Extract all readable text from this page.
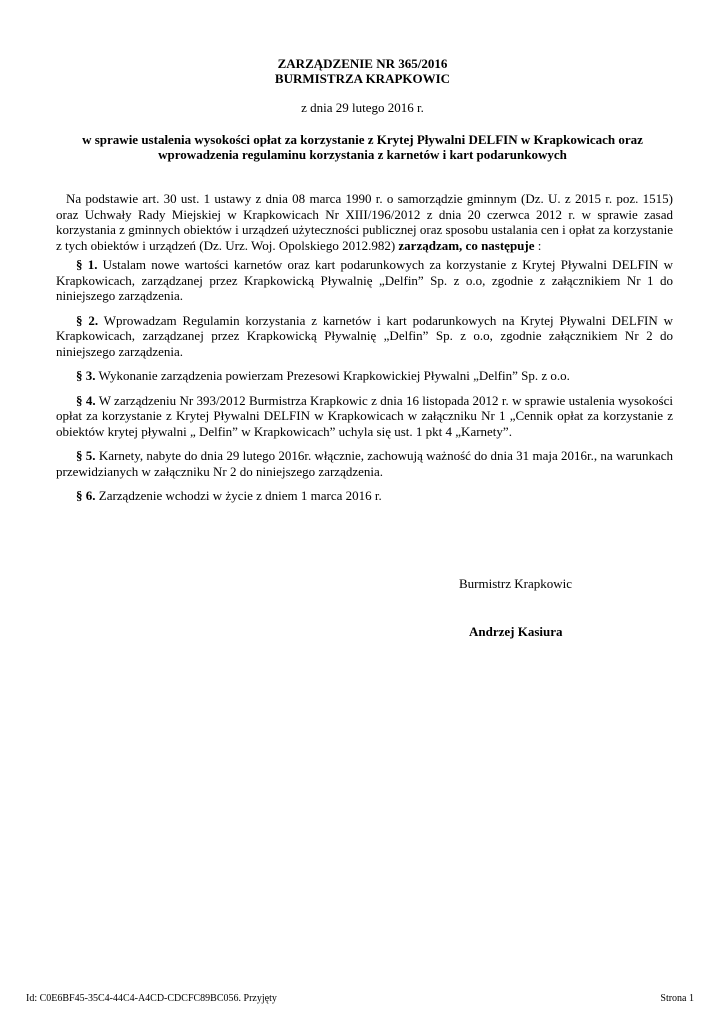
ZARZĄDZENIE NR 365/2016
BURMISTRZA KRAPKOWIC
z dnia 29 lutego 2016 r.
w sprawie ustalenia wysokości opłat za korzystanie z Krytej Pływalni DELFIN w Krapkowicach oraz wprowadzenia regulaminu korzystania z karnetów i kart podarunkowych

Na podstawie art. 30 ust. 1 ustawy z dnia 08 marca 1990 r. o samorządzie gminnym (Dz. U. z 2015 r. poz. 1515) oraz Uchwały Rady Miejskiej w Krapkowicach Nr XIII/196/2012 z dnia 20 czerwca 2012 r. w sprawie zasad korzystania z gminnych obiektów i urządzeń użyteczności publicznej oraz sposobu ustalania cen i opłat za korzystanie z tych obiektów i urządzeń (Dz. Urz. Woj. Opolskiego 2012.982) zarządzam, co następuje :

§ 1. Ustalam nowe wartości karnetów oraz kart podarunkowych za korzystanie z Krytej Pływalni DELFIN w Krapkowicach, zarządzanej przez Krapkowicką Pływalnię „Delfin” Sp. z o.o, zgodnie z załącznikiem Nr 1 do niniejszego zarządzenia.

§ 2. Wprowadzam Regulamin korzystania z karnetów i kart podarunkowych na Krytej Pływalni DELFIN w Krapkowicach, zarządzanej przez Krapkowicką Pływalnię „Delfin” Sp. z o.o, zgodnie załącznikiem Nr 2 do niniejszego zarządzenia.

§ 3. Wykonanie zarządzenia powierzam Prezesowi Krapkowickiej Pływalni „Delfin” Sp. z o.o.

§ 4. W zarządzeniu Nr 393/2012 Burmistrza Krapkowic z dnia 16 listopada 2012 r. w sprawie ustalenia wysokości opłat za korzystanie z Krytej Pływalni DELFIN w Krapkowicach w załączniku Nr 1 „Cennik opłat za korzystanie z obiektów krytej pływalni „ Delfin” w Krapkowicach” uchyla się ust. 1 pkt 4 „Karnety”.

§ 5. Karnety, nabyte do dnia 29 lutego 2016r. włącznie, zachowują ważność do dnia 31 maja 2016r., na warunkach przewidzianych w załączniku Nr 2 do niniejszego zarządzenia.

§ 6. Zarządzenie wchodzi w życie z dniem 1 marca 2016 r.

Burmistrz Krapkowic
Andrzej Kasiura
Id: C0E6BF45-35C4-44C4-A4CD-CDCFC89BC056. Przyjęty	Strona 1
